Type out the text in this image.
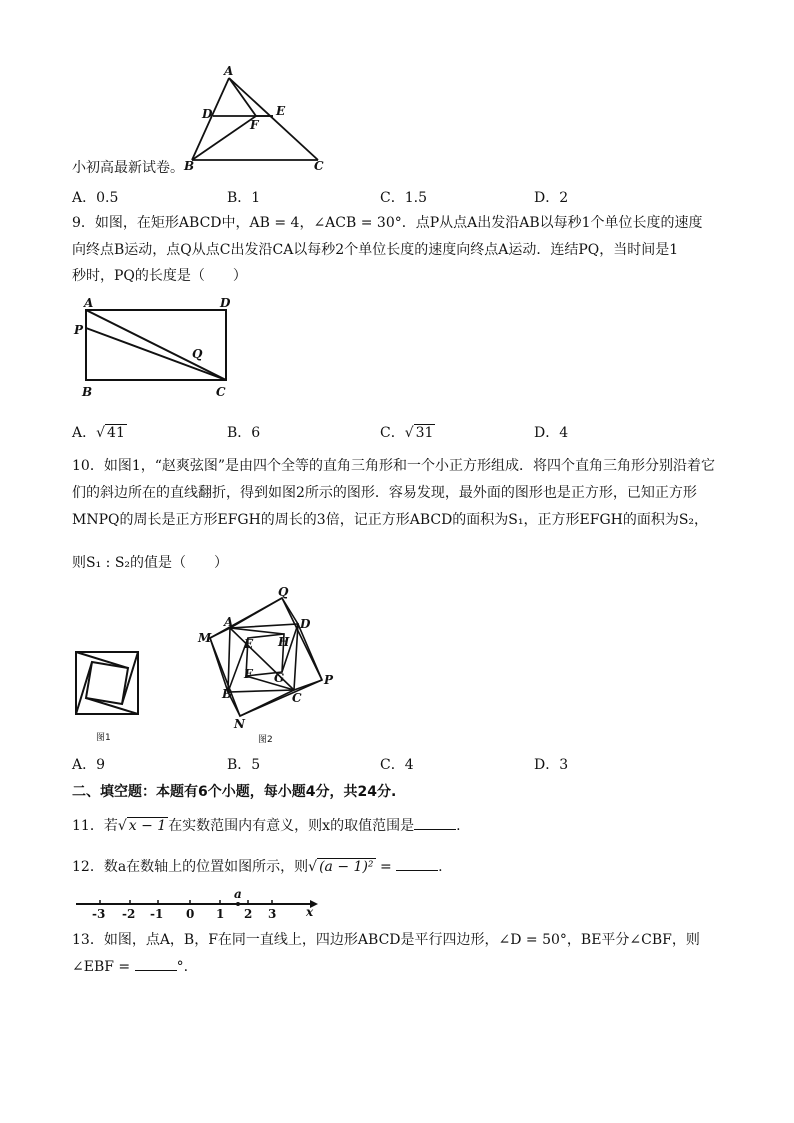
A
D	E
F
B	C
小初高最新试卷。
A．0.5	B．1	C．1.5	D．2
9．如图，在矩形ABCD中，AB = 4，∠ACB = 30°．点P从点A出发沿AB以每秒1个单位长度的速度
向终点B运动，点Q从点C出发沿CA以每秒2个单位长度的速度向终点A运动．连结PQ，当时间是1
秒时，PQ的长度是（　　）
A	D
P
Q
B	C
A．√ 41	B．6	C．√ 31	D．4
10．如图1，“赵爽弦图”是由四个全等的直角三角形和一个小正方形组成．将四个直角三角形分别沿着它
们的斜边所在的直线翻折，得到如图2所示的图形．容易发现，最外面的图形也是正方形，已知正方形
MNPQ的周长是正方形EFGH的周长的3倍，记正方形ABCD的面积为S₁，正方形EFGH的面积为S₂，
则S₁ : S₂的值是（　　）
图1
Q
A	D
M	E H
F G
B	C
P
N
图2
A．9	B．5	C．4	D．3
二、填空题：本题有6个小题，每小题4分，共24分.
11．若√ x − 1 在实数范围内有意义，则x的取值范围是	.
12．数a在数轴上的位置如图所示，则√ (a − 1)² =	.
a
-3 -2 -1 0 1 2 3 x
13．如图，点A，B，F在同一直线上，四边形ABCD是平行四边形，∠D = 50°，BE平分∠CBF，则
∠EBF =	°.
